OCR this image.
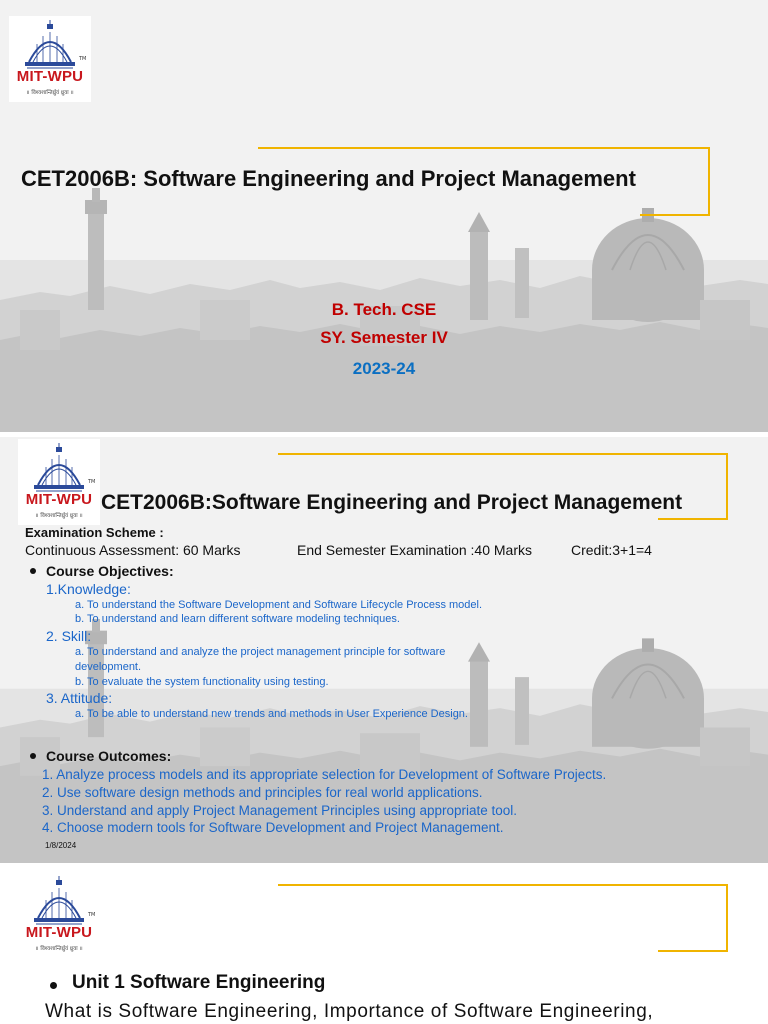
TM
MIT-WPU
॥ विश्वशान्तिर्ध्रुवं ध्रुवा ॥
CET2006B: Software Engineering and Project Management
B. Tech. CSE
SY. Semester IV
2023-24
TM
MIT-WPU
॥ विश्वशान्तिर्ध्रुवं ध्रुवा ॥
CET2006B:Software Engineering and Project Management
Examination Scheme :
Continuous Assessment: 60 Marks	End Semester Examination :40 Marks	Credit:3+1=4
Course Objectives:
1.Knowledge:
a. To understand the Software Development and Software Lifecycle Process model.
b. To understand and learn different software modeling techniques.
2. Skill:
a. To understand and analyze the project management principle for software
development.
b. To evaluate the system functionality using testing.
3. Attitude:
a. To be able to understand new trends and methods in User Experience Design.
Course Outcomes:
1. Analyze process models and its appropriate selection for Development of Software Projects.
2. Use software design methods and principles for real world applications.
3. Understand and apply Project Management Principles using appropriate tool.
4. Choose modern tools for Software Development and Project Management.
1/8/2024
TM
MIT-WPU
॥ विश्वशान्तिर्ध्रुवं ध्रुवा ॥
Unit 1 Software Engineering
What is Software Engineering, Importance of Software Engineering,
